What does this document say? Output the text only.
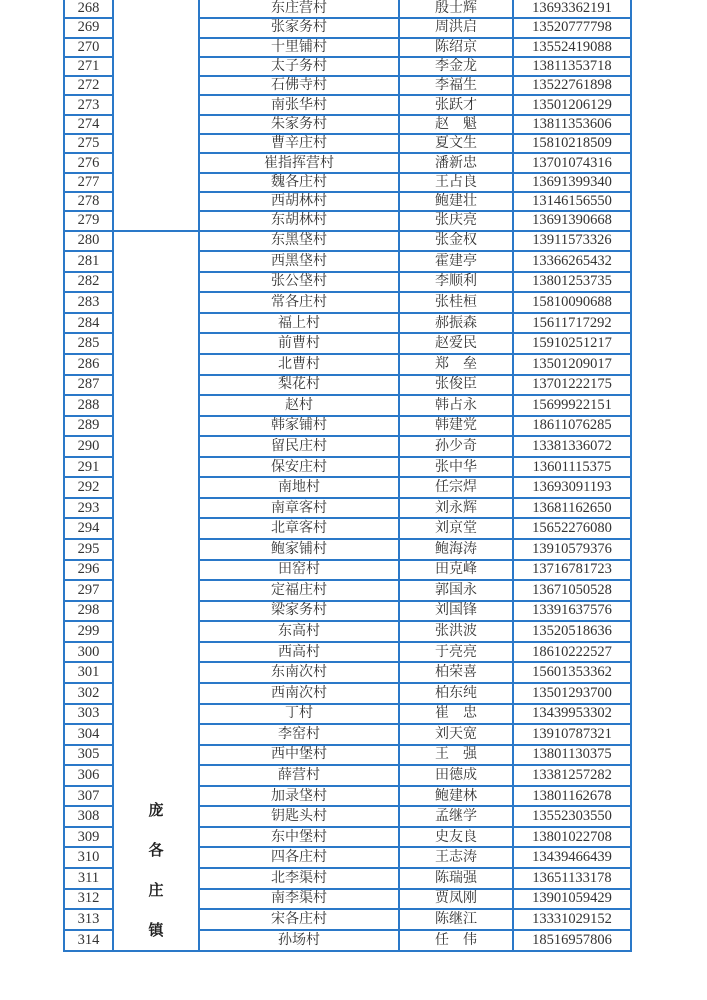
268		东庄营村	殷士辉	13693362191
269		张家务村	周洪启	13520777798
270		十里铺村	陈绍京	13552419088
271		太子务村	李金龙	13811353718
272		石佛寺村	李福生	13522761898
273		南张华村	张跃才	13501206129
274		朱家务村	赵　魁	13811353606
275		曹辛庄村	夏文生	15810218509
276		崔指挥营村	潘新忠	13701074316
277		魏各庄村	王占良	13691399340
278		西胡林村	鲍建壮	13146156550
279		东胡林村	张庆亮	13691390668
280	庞各庄镇	东黑垡村	张金权	13911573326
281		西黑垡村	霍建亭	13366265432
282		张公垡村	李顺利	13801253735
283		常各庄村	张桂桓	15810090688
284		福上村	郝振森	15611717292
285		前曹村	赵爱民	15910251217
286		北曹村	郑　垒	13501209017
287		梨花村	张俊臣	13701222175
288		赵村	韩占永	15699922151
289		韩家铺村	韩建党	18611076285
290		留民庄村	孙少奇	13381336072
291		保安庄村	张中华	13601115375
292		南地村	任宗焊	13693091193
293		南章客村	刘永辉	13681162650
294		北章客村	刘京堂	15652276080
295		鲍家铺村	鲍海涛	13910579376
296		田窑村	田克峰	13716781723
297		定福庄村	郭国永	13671050528
298		梁家务村	刘国锋	13391637576
299		东高村	张洪波	13520518636
300		西高村	于亮亮	18610222527
301		东南次村	柏荣喜	15601353362
302		西南次村	柏东纯	13501293700
303		丁村	崔　忠	13439953302
304		李窑村	刘天宽	13910787321
305		西中堡村	王　强	13801130375
306		薛营村	田德成	13381257282
307		加录垡村	鲍建林	13801162678
308		钥匙头村	孟继学	13552303550
309		东中堡村	史友良	13801022708
310		四各庄村	王志涛	13439466439
311		北李渠村	陈瑞强	13651133178
312		南李渠村	贾凤刚	13901059429
313		宋各庄村	陈继江	13331029152
314		孙场村	任　伟	18516957806
